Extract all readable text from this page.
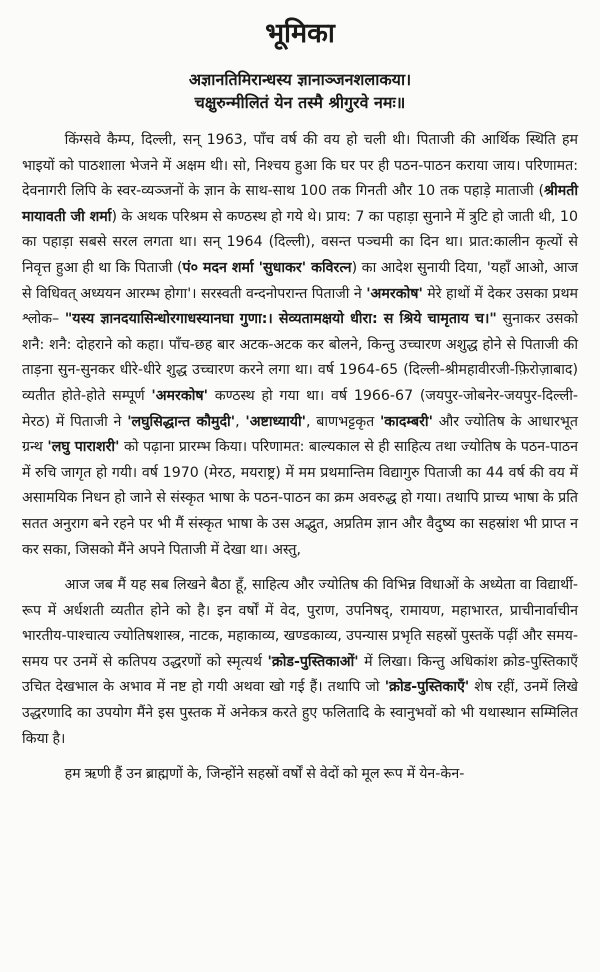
भूमिका
अज्ञानतिमिरान्धस्य ज्ञानाञ्जनशलाकया।
चक्षुरुन्मीलितं येन तस्मै श्रीगुरवे नमः॥

किंग्सवे कैम्प, दिल्ली, सन् 1963, पाँच वर्ष की वय हो चली थी। पिताजी की आर्थिक स्थिति हम भाइयों को पाठशाला भेजने में अक्षम थी। सो, निश्चय हुआ कि घर पर ही पठन-पाठन कराया जाय। परिणामत: देवनागरी लिपि के स्वर-व्यञ्जनों के ज्ञान के साथ-साथ 100 तक गिनती और 10 तक पहाड़े माताजी (श्रीमती मायावती जी शर्मा) के अथक परिश्रम से कण्ठस्थ हो गये थे। प्राय: 7 का पहाड़ा सुनाने में त्रुटि हो जाती थी, 10 का पहाड़ा सबसे सरल लगता था। सन् 1964 (दिल्ली), वसन्त पञ्चमी का दिन था। प्रात:कालीन कृत्यों से निवृत्त हुआ ही था कि पिताजी (पं० मदन शर्मा 'सुधाकर' कविरत्न) का आदेश सुनायी दिया, 'यहाँ आओ, आज से विधिवत् अध्ययन आरम्भ होगा'। सरस्वती वन्दनोपरान्त पिताजी ने 'अमरकोष' मेरे हाथों में देकर उसका प्रथम श्लोक– "यस्य ज्ञानदयासिन्धोरगाधस्यानघा गुणा:। सेव्यतामक्षयो धीरा: स श्रिये चामृताय च।" सुनाकर उसको शनै: शनै: दोहराने को कहा। पाँच-छह बार अटक-अटक कर बोलने, किन्तु उच्चारण अशुद्ध होने से पिताजी की ताड़ना सुन-सुनकर धीरे-धीरे शुद्ध उच्चारण करने लगा था। वर्ष 1964-65 (दिल्ली-श्रीमहावीरजी-फ़िरोज़ाबाद) व्यतीत होते-होते सम्पूर्ण 'अमरकोष' कण्ठस्थ हो गया था। वर्ष 1966-67 (जयपुर-जोबनेर-जयपुर-दिल्ली-मेरठ) में पिताजी ने 'लघुसिद्धान्त कौमुदी', 'अष्टाध्यायी', बाणभट्टकृत 'कादम्बरी' और ज्योतिष के आधारभूत ग्रन्थ 'लघु पाराशरी' को पढ़ाना प्रारम्भ किया। परिणामत: बाल्यकाल से ही साहित्य तथा ज्योतिष के पठन-पाठन में रुचि जागृत हो गयी। वर्ष 1970 (मेरठ, मयराष्ट्र) में मम प्रथमान्तिम विद्यागुरु पिताजी का 44 वर्ष की वय में असामयिक निधन हो जाने से संस्कृत भाषा के पठन-पाठन का क्रम अवरुद्ध हो गया। तथापि प्राच्य भाषा के प्रति सतत अनुराग बने रहने पर भी मैं संस्कृत भाषा के उस अद्भुत, अप्रतिम ज्ञान और वैदुष्य का सहस्रांश भी प्राप्त न कर सका, जिसको मैंने अपने पिताजी में देखा था। अस्तु,

आज जब मैं यह सब लिखने बैठा हूँ, साहित्य और ज्योतिष की विभिन्न विधाओं के अध्येता वा विद्यार्थी-रूप में अर्धशती व्यतीत होने को है। इन वर्षों में वेद, पुराण, उपनिषद्, रामायण, महाभारत, प्राचीनार्वाचीन भारतीय-पाश्चात्य ज्योतिषशास्त्र, नाटक, महाकाव्य, खण्डकाव्य, उपन्यास प्रभृति सहस्रों पुस्तकें पढ़ीं और समय-समय पर उनमें से कतिपय उद्धरणों को स्मृत्यर्थ 'क्रोड-पुस्तिकाओं' में लिखा। किन्तु अधिकांश क्रोड-पुस्तिकाएँ उचित देखभाल के अभाव में नष्ट हो गयी अथवा खो गई हैं। तथापि जो 'क्रोड-पुस्तिकाएँ' शेष रहीं, उनमें लिखे उद्धरणादि का उपयोग मैंने इस पुस्तक में अनेकत्र करते हुए फलितादि के स्वानुभवों को भी यथास्थान सम्मिलित किया है।

हम ऋणी हैं उन ब्राह्मणों के, जिन्होंने सहस्रों वर्षों से वेदों को मूल रूप में येन-केन-
